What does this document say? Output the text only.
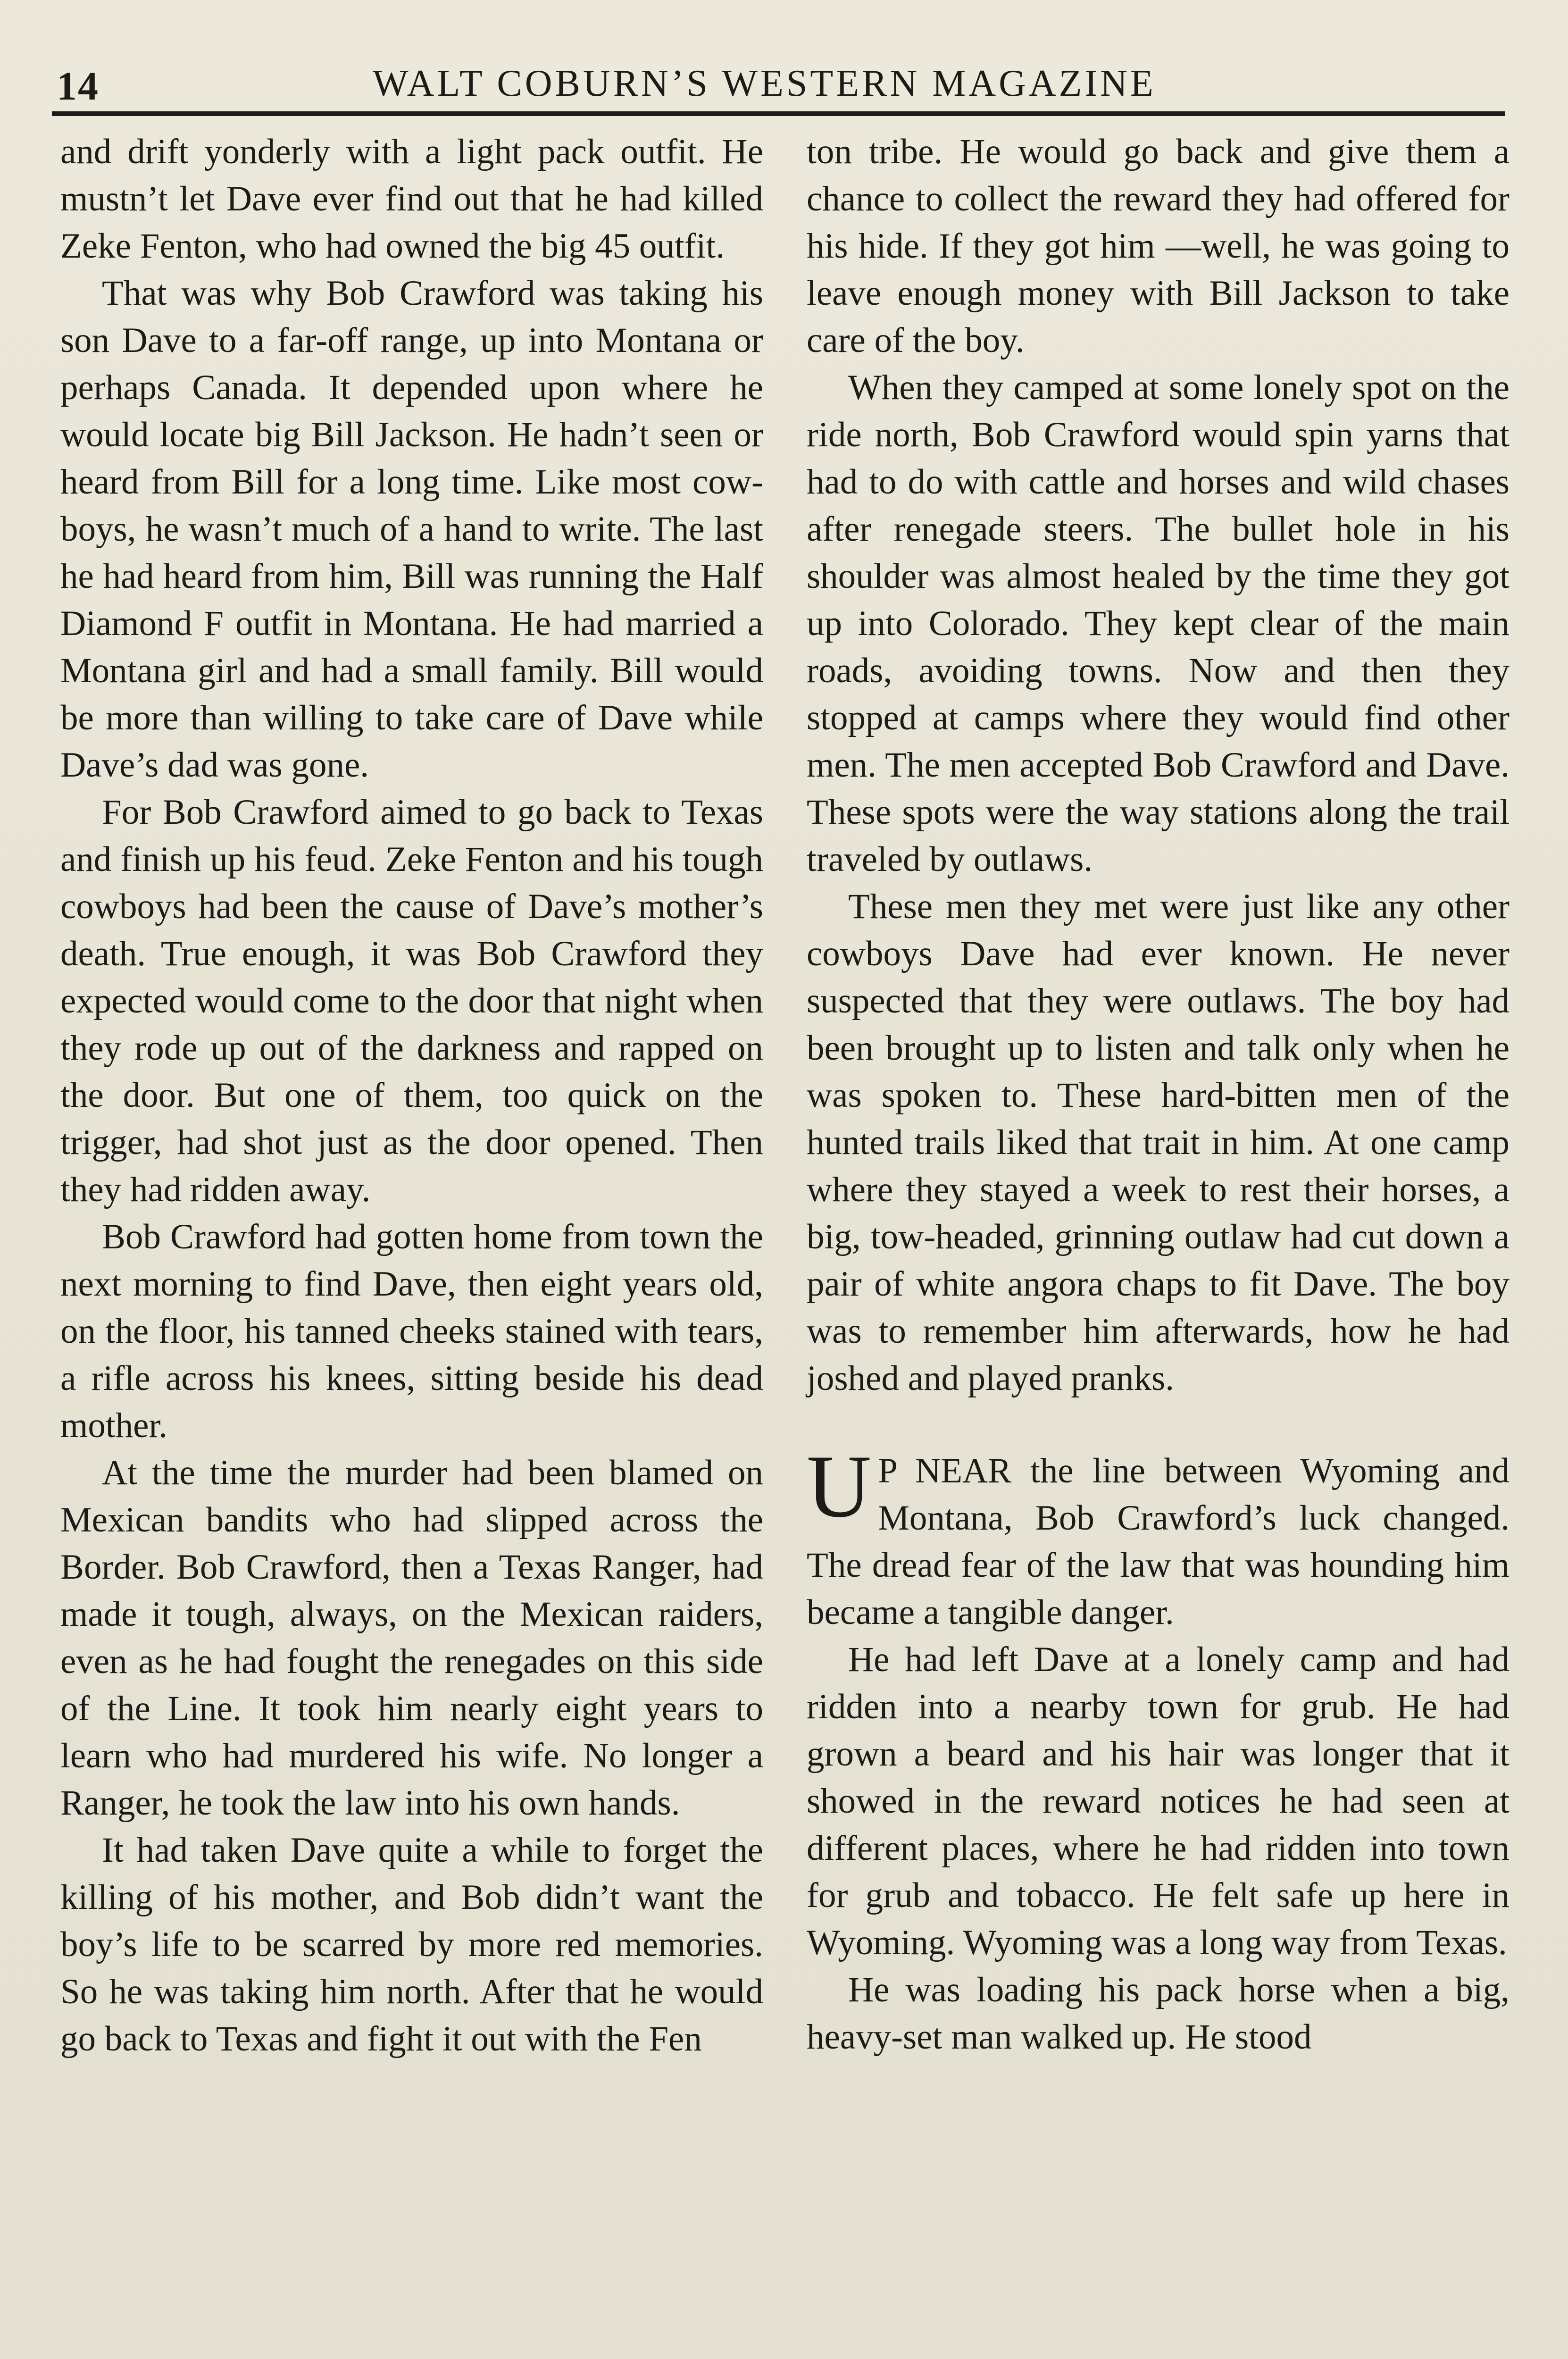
14	WALT COBURN’S WESTERN MAGAZINE

and drift yonderly with a light pack outfit. He mustn’t let Dave ever find out that he had killed Zeke Fenton, who had owned the big 45 outfit.

That was why Bob Crawford was taking his son Dave to a far-off range, up into Montana or perhaps Canada. It depended upon where he would locate big Bill Jackson. He hadn’t seen or heard from Bill for a long time. Like most cowboys, he wasn’t much of a hand to write. The last he had heard from him, Bill was running the Half Diamond F outfit in Montana. He had married a Montana girl and had a small family. Bill would be more than willing to take care of Dave while Dave’s dad was gone.

For Bob Crawford aimed to go back to Texas and finish up his feud. Zeke Fenton and his tough cowboys had been the cause of Dave’s mother’s death. True enough, it was Bob Crawford they expected would come to the door that night when they rode up out of the darkness and rapped on the door. But one of them, too quick on the trigger, had shot just as the door opened. Then they had ridden away.

Bob Crawford had gotten home from town the next morning to find Dave, then eight years old, on the floor, his tanned cheeks stained with tears, a rifle across his knees, sitting beside his dead mother.

At the time the murder had been blamed on Mexican bandits who had slipped across the Border. Bob Crawford, then a Texas Ranger, had made it tough, always, on the Mexican raiders, even as he had fought the renegades on this side of the Line. It took him nearly eight years to learn who had murdered his wife. No longer a Ranger, he took the law into his own hands.

It had taken Dave quite a while to forget the killing of his mother, and Bob didn’t want the boy’s life to be scarred by more red memories. So he was taking him north. After that he would go back to Texas and fight it out with the Fen

ton tribe. He would go back and give them a chance to collect the reward they had offered for his hide. If they got him —well, he was going to leave enough money with Bill Jackson to take care of the boy.

When they camped at some lonely spot on the ride north, Bob Crawford would spin yarns that had to do with cattle and horses and wild chases after renegade steers. The bullet hole in his shoulder was almost healed by the time they got up into Colorado. They kept clear of the main roads, avoiding towns. Now and then they stopped at camps where they would find other men. The men accepted Bob Crawford and Dave. These spots were the way stations along the trail traveled by outlaws.

These men they met were just like any other cowboys Dave had ever known. He never suspected that they were outlaws. The boy had been brought up to listen and talk only when he was spoken to. These hard-bitten men of the hunted trails liked that trait in him. At one camp where they stayed a week to rest their horses, a big, tow-headed, grinning outlaw had cut down a pair of white angora chaps to fit Dave. The boy was to remember him afterwards, how he had joshed and played pranks.

UP NEAR the line between Wyoming and Montana, Bob Crawford’s luck changed. The dread fear of the law that was hounding him became a tangible danger.

He had left Dave at a lonely camp and had ridden into a nearby town for grub. He had grown a beard and his hair was longer that it showed in the reward notices he had seen at different places, where he had ridden into town for grub and tobacco. He felt safe up here in Wyoming. Wyoming was a long way from Texas.

He was loading his pack horse when a big, heavy-set man walked up. He stood
